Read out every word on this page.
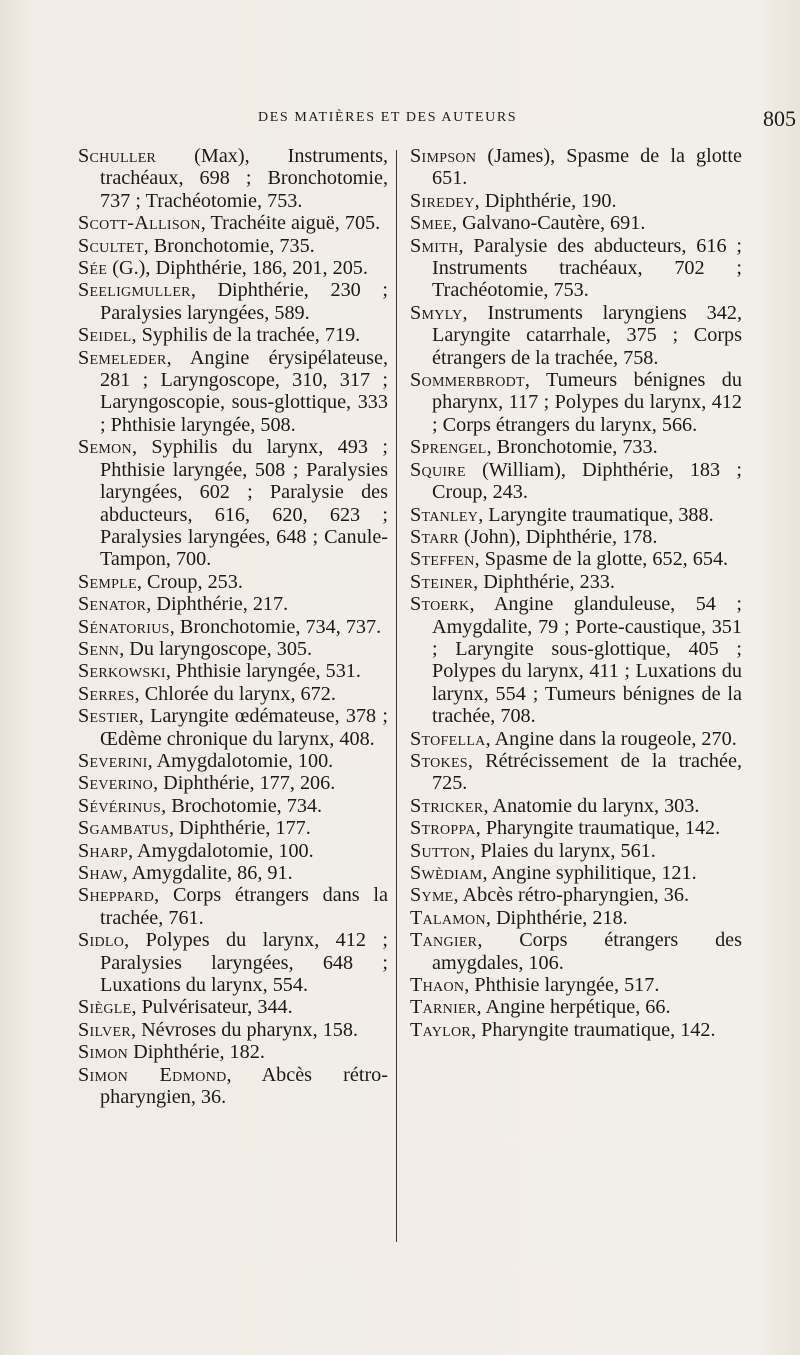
DES MATIÈRES ET DES AUTEURS	805
Schuller (Max), Instruments, trachéaux, 698 ; Bronchotomie, 737 ; Trachéotomie, 753.
Scott-Allison, Trachéite aiguë, 705.
Scultet, Bronchotomie, 735.
Sée (G.), Diphthérie, 186, 201, 205.
Seeligmuller, Diphthérie, 230 ; Paralysies laryngées, 589.
Seidel, Syphilis de la trachée, 719.
Semeleder, Angine érysipélateuse, 281 ; Laryngoscope, 310, 317 ; Laryngoscopie, sous-glottique, 333 ; Phthisie laryngée, 508.
Semon, Syphilis du larynx, 493 ; Phthisie laryngée, 508 ; Paralysies laryngées, 602 ; Paralysie des abducteurs, 616, 620, 623 ; Paralysies laryngées, 648 ; Canule-Tampon, 700.
Semple, Croup, 253.
Senator, Diphthérie, 217.
Sénatorius, Bronchotomie, 734, 737.
Senn, Du laryngoscope, 305.
Serkowski, Phthisie laryngée, 531.
Serres, Chlorée du larynx, 672.
Sestier, Laryngite œdémateuse, 378 ; Œdème chronique du larynx, 408.
Severini, Amygdalotomie, 100.
Severino, Diphthérie, 177, 206.
Sévérinus, Brochotomie, 734.
Sgambatus, Diphthérie, 177.
Sharp, Amygdalotomie, 100.
Shaw, Amygdalite, 86, 91.
Sheppard, Corps étrangers dans la trachée, 761.
Sidlo, Polypes du larynx, 412 ; Paralysies laryngées, 648 ; Luxations du larynx, 554.
Siègle, Pulvérisateur, 344.
Silver, Névroses du pharynx, 158.
Simon Diphthérie, 182.
Simon Edmond, Abcès rétro-pharyngien, 36.
Simpson (James), Spasme de la glotte 651.
Siredey, Diphthérie, 190.
Smee, Galvano-Cautère, 691.
Smith, Paralysie des abducteurs, 616 ; Instruments trachéaux, 702 ; Trachéotomie, 753.
Smyly, Instruments laryngiens 342, Laryngite catarrhale, 375 ; Corps étrangers de la trachée, 758.
Sommerbrodt, Tumeurs bénignes du pharynx, 117 ; Polypes du larynx, 412 ; Corps étrangers du larynx, 566.
Sprengel, Bronchotomie, 733.
Squire (William), Diphthérie, 183 ; Croup, 243.
Stanley, Laryngite traumatique, 388.
Starr (John), Diphthérie, 178.
Steffen, Spasme de la glotte, 652, 654.
Steiner, Diphthérie, 233.
Stoerk, Angine glanduleuse, 54 ; Amygdalite, 79 ; Porte-caustique, 351 ; Laryngite sous-glottique, 405 ; Polypes du larynx, 411 ; Luxations du larynx, 554 ; Tumeurs bénignes de la trachée, 708.
Stofella, Angine dans la rougeole, 270.
Stokes, Rétrécissement de la trachée, 725.
Stricker, Anatomie du larynx, 303.
Stroppa, Pharyngite traumatique, 142.
Sutton, Plaies du larynx, 561.
Swèdiam, Angine syphilitique, 121.
Syme, Abcès rétro-pharyngien, 36.
Talamon, Diphthérie, 218.
Tangier, Corps étrangers des amygdales, 106.
Thaon, Phthisie laryngée, 517.
Tarnier, Angine herpétique, 66.
Taylor, Pharyngite traumatique, 142.
